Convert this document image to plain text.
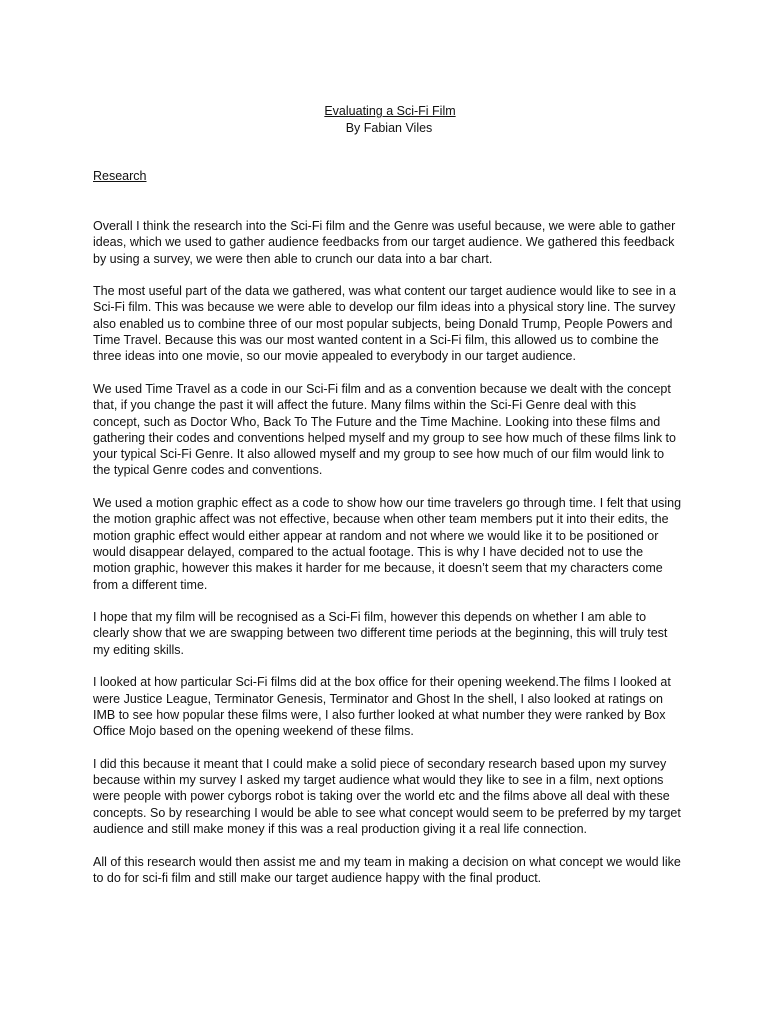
Evaluating a Sci-Fi Film
By Fabian Viles
Research

Overall I think the research into the Sci-Fi film and the Genre was useful because, we were able to gather ideas, which we used to gather audience feedbacks from our target audience. We gathered this feedback by using a survey, we were then able to crunch our data into a bar chart.

The most useful part of the data we gathered, was what content our target audience would like to see in a Sci-Fi film. This was because we were able to develop our film ideas into a physical story line. The survey also enabled us to combine three of our most popular subjects, being Donald Trump, People Powers and Time Travel. Because this was our most wanted content in a Sci-Fi film, this allowed us to combine the three ideas into one movie, so our movie appealed to everybody in our target audience.

We used Time Travel as a code in our Sci-Fi film and as a convention because we dealt with the concept that, if you change the past it will affect the future. Many films within the Sci-Fi Genre deal with this concept, such as Doctor Who, Back To The Future and the Time Machine. Looking into these films and gathering their codes and conventions helped myself and my group to see how much of these films link to your typical Sci-Fi Genre. It also allowed myself and my group to see how much of our film would link to the typical Genre codes and conventions.

We used a motion graphic effect as a code to show how our time travelers go through time. I felt that using the motion graphic affect was not effective, because when other team members put it into their edits, the motion graphic effect would either appear at random and not where we would like it to be positioned or would disappear delayed, compared to the actual footage. This is why I have decided not to use the motion graphic, however this makes it harder for me because, it doesn’t seem that my characters come from a different time.

I hope that my film will be recognised as a Sci-Fi film, however this depends on whether I am able to clearly show that we are swapping between two different time periods at the beginning, this will truly test my editing skills.

I looked at how particular Sci-Fi films did at the box office for their opening weekend.The films I looked at were Justice League, Terminator Genesis, Terminator and Ghost In the shell, I also looked at ratings on IMB to see how popular these films were, I also further looked at what number they were ranked by Box Office Mojo based on the opening weekend of these films.

I did this because it meant that I could make a solid piece of secondary research based upon my survey because within my survey I asked my target audience what would they like to see in a film, next options were people with power cyborgs robot is taking over the world etc and the films above all deal with these concepts. So by researching I would be able to see what concept would seem to be preferred by my target audience and still make money if this was a real production giving it a real life connection.

All of this research would then assist me and my team in making a decision on what concept we would like to do for sci-fi film and still make our target audience happy with the final product.
